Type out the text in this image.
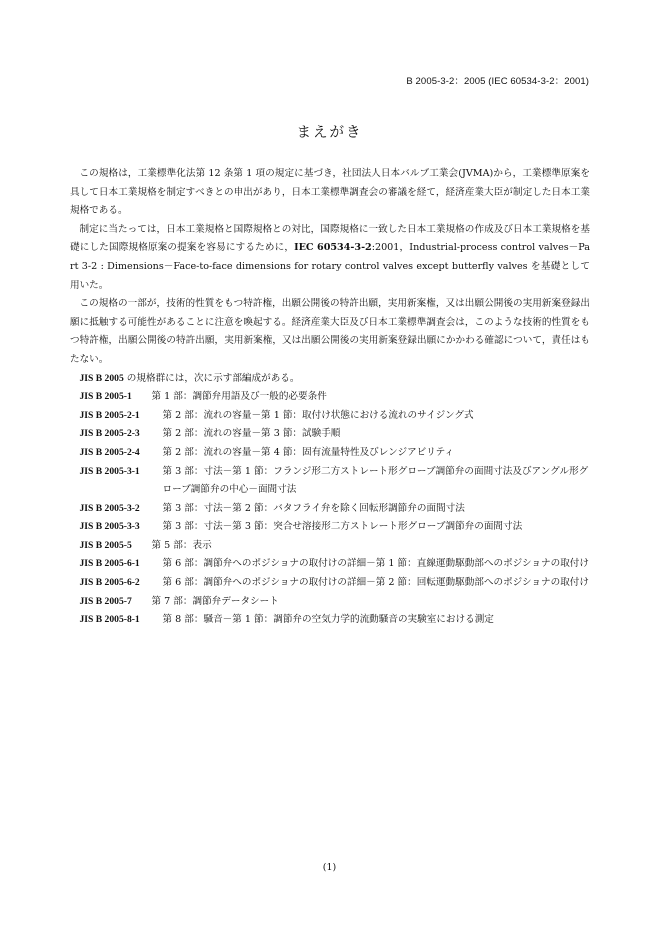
B 2005-3-2：2005 (IEC 60534-3-2：2001)
まえがき

この規格は，工業標準化法第 12 条第 1 項の規定に基づき，社団法人日本バルブ工業会(JVMA)から，工業標準原案を具して日本工業規格を制定すべきとの申出があり，日本工業標準調査会の審議を経て，経済産業大臣が制定した日本工業規格である。

制定に当たっては，日本工業規格と国際規格との対比，国際規格に一致した日本工業規格の作成及び日本工業規格を基礎にした国際規格原案の提案を容易にするために，IEC 60534-3-2:2001，Industrial-process control valves－Part 3-2 : Dimensions－Face-to-face dimensions for rotary control valves except butterfly valves を基礎として用いた。

この規格の一部が，技術的性質をもつ特許権，出願公開後の特許出願，実用新案権，又は出願公開後の実用新案登録出願に抵触する可能性があることに注意を喚起する。経済産業大臣及び日本工業標準調査会は，このような技術的性質をもつ特許権，出願公開後の特許出願，実用新案権，又は出願公開後の実用新案登録出願にかかわる確認について，責任はもたない。

JIS B 2005 の規格群には，次に示す部編成がある。

JIS B 2005-1	第 1 部：調節弁用語及び一般的必要条件
JIS B 2005-2-1	第 2 部：流れの容量－第 1 節：取付け状態における流れのサイジング式
JIS B 2005-2-3	第 2 部：流れの容量－第 3 節：試験手順
JIS B 2005-2-4	第 2 部：流れの容量－第 4 節：固有流量特性及びレンジアビリティ
JIS B 2005-3-1	第 3 部：寸法－第 1 節：フランジ形二方ストレート形グローブ調節弁の面間寸法及びアングル形グローブ調節弁の中心－面間寸法
JIS B 2005-3-2	第 3 部：寸法－第 2 節：バタフライ弁を除く回転形調節弁の面間寸法
JIS B 2005-3-3	第 3 部：寸法－第 3 節：突合せ溶接形二方ストレート形グローブ調節弁の面間寸法
JIS B 2005-5	第 5 部：表示
JIS B 2005-6-1	第 6 部：調節弁へのポジショナの取付けの詳細－第 1 節：直線運動駆動部へのポジショナの取付け
JIS B 2005-6-2	第 6 部：調節弁へのポジショナの取付けの詳細－第 2 節：回転運動駆動部へのポジショナの取付け
JIS B 2005-7	第 7 部：調節弁データシート
JIS B 2005-8-1	第 8 部：騒音－第 1 節：調節弁の空気力学的流動騒音の実験室における測定
(1)
